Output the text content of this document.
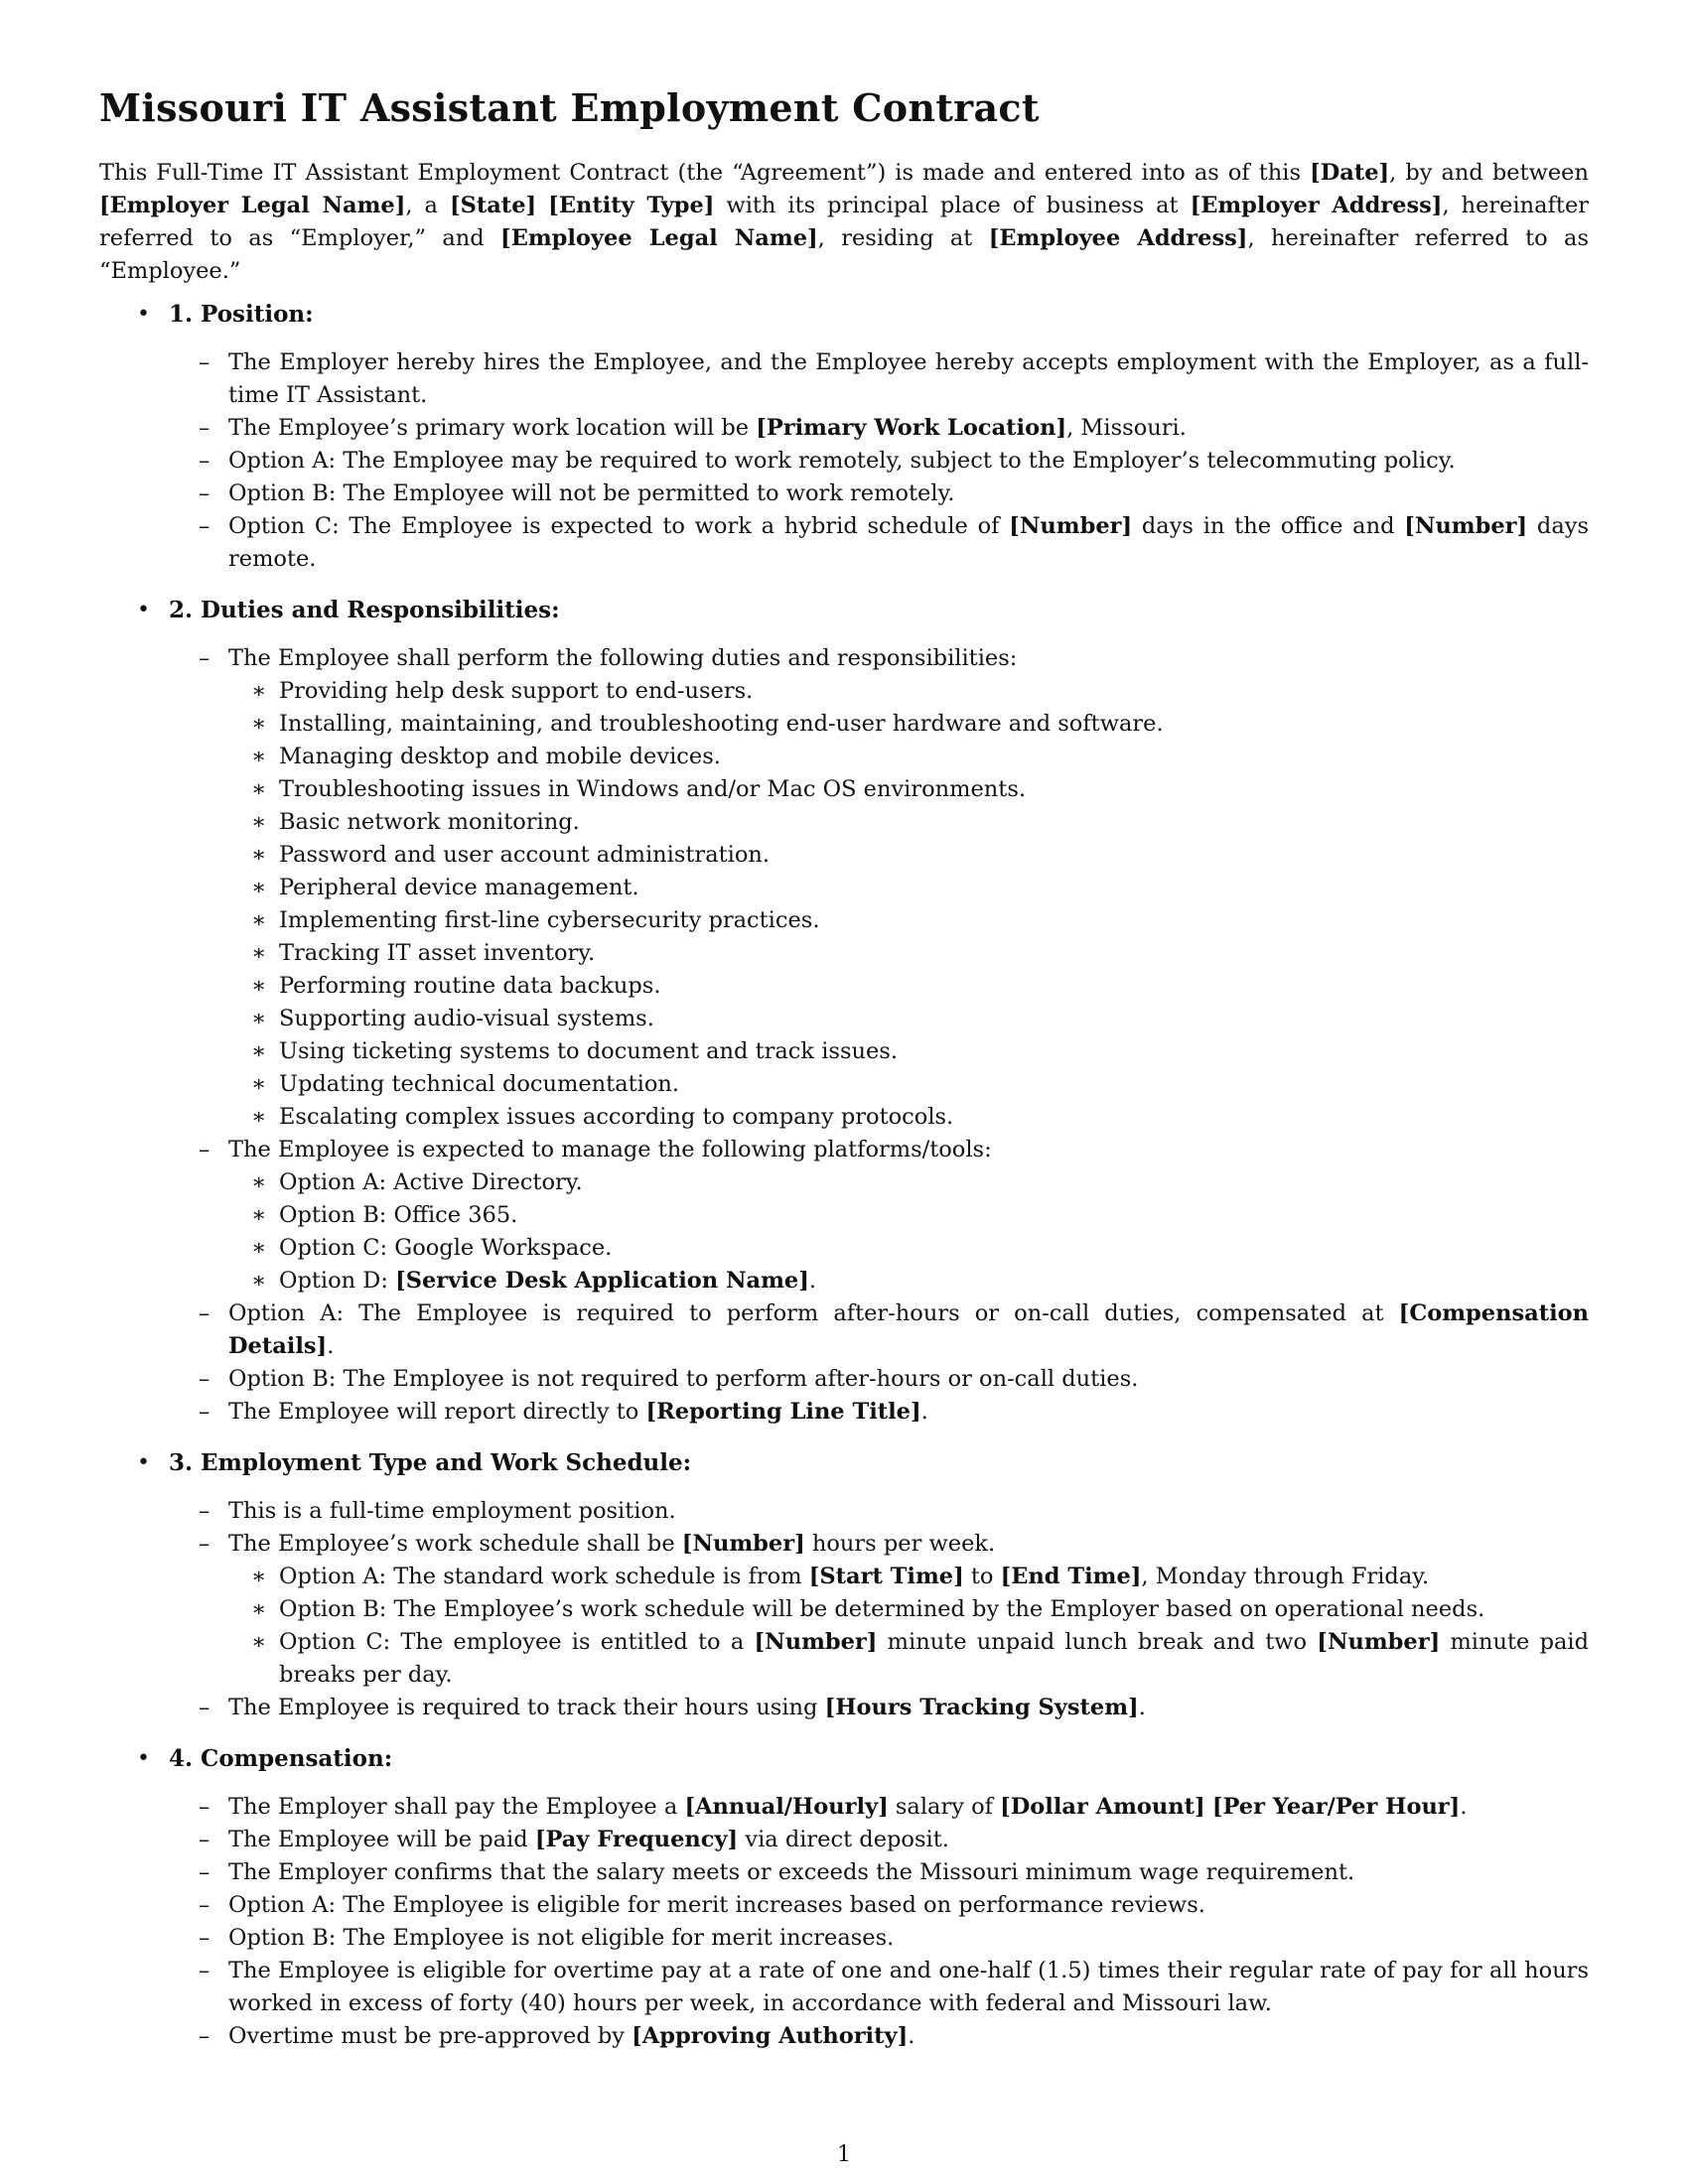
Missouri IT Assistant Employment Contract

This Full-Time IT Assistant Employment Contract (the “Agreement”) is made and entered into as of this [Date], by and between [Employer Legal Name], a [State] [Entity Type] with its principal place of business at [Employer Address], hereinafter referred to as “Employer,” and [Employee Legal Name], residing at [Employee Address], hereinafter referred to as “Employee.”

• 1. Position:
– The Employer hereby hires the Employee, and the Employee hereby accepts employment with the Employer, as a full-time IT Assistant.
– The Employee’s primary work location will be [Primary Work Location], Missouri.
– Option A: The Employee may be required to work remotely, subject to the Employer’s telecommuting policy.
– Option B: The Employee will not be permitted to work remotely.
– Option C: The Employee is expected to work a hybrid schedule of [Number] days in the office and [Number] days remote.
• 2. Duties and Responsibilities:
– The Employee shall perform the following duties and responsibilities:
∗ Providing help desk support to end-users.
∗ Installing, maintaining, and troubleshooting end-user hardware and software.
∗ Managing desktop and mobile devices.
∗ Troubleshooting issues in Windows and/or Mac OS environments.
∗ Basic network monitoring.
∗ Password and user account administration.
∗ Peripheral device management.
∗ Implementing first-line cybersecurity practices.
∗ Tracking IT asset inventory.
∗ Performing routine data backups.
∗ Supporting audio-visual systems.
∗ Using ticketing systems to document and track issues.
∗ Updating technical documentation.
∗ Escalating complex issues according to company protocols.
– The Employee is expected to manage the following platforms/tools:
∗ Option A: Active Directory.
∗ Option B: Office 365.
∗ Option C: Google Workspace.
∗ Option D: [Service Desk Application Name].
– Option A: The Employee is required to perform after-hours or on-call duties, compensated at [Compensation Details].
– Option B: The Employee is not required to perform after-hours or on-call duties.
– The Employee will report directly to [Reporting Line Title].
• 3. Employment Type and Work Schedule:
– This is a full-time employment position.
– The Employee’s work schedule shall be [Number] hours per week.
∗ Option A: The standard work schedule is from [Start Time] to [End Time], Monday through Friday.
∗ Option B: The Employee’s work schedule will be determined by the Employer based on operational needs.
∗ Option C: The employee is entitled to a [Number] minute unpaid lunch break and two [Number] minute paid breaks per day.
– The Employee is required to track their hours using [Hours Tracking System].
• 4. Compensation:
– The Employer shall pay the Employee a [Annual/Hourly] salary of [Dollar Amount] [Per Year/Per Hour].
– The Employee will be paid [Pay Frequency] via direct deposit.
– The Employer confirms that the salary meets or exceeds the Missouri minimum wage requirement.
– Option A: The Employee is eligible for merit increases based on performance reviews.
– Option B: The Employee is not eligible for merit increases.
– The Employee is eligible for overtime pay at a rate of one and one-half (1.5) times their regular rate of pay for all hours worked in excess of forty (40) hours per week, in accordance with federal and Missouri law.
– Overtime must be pre-approved by [Approving Authority].
1
